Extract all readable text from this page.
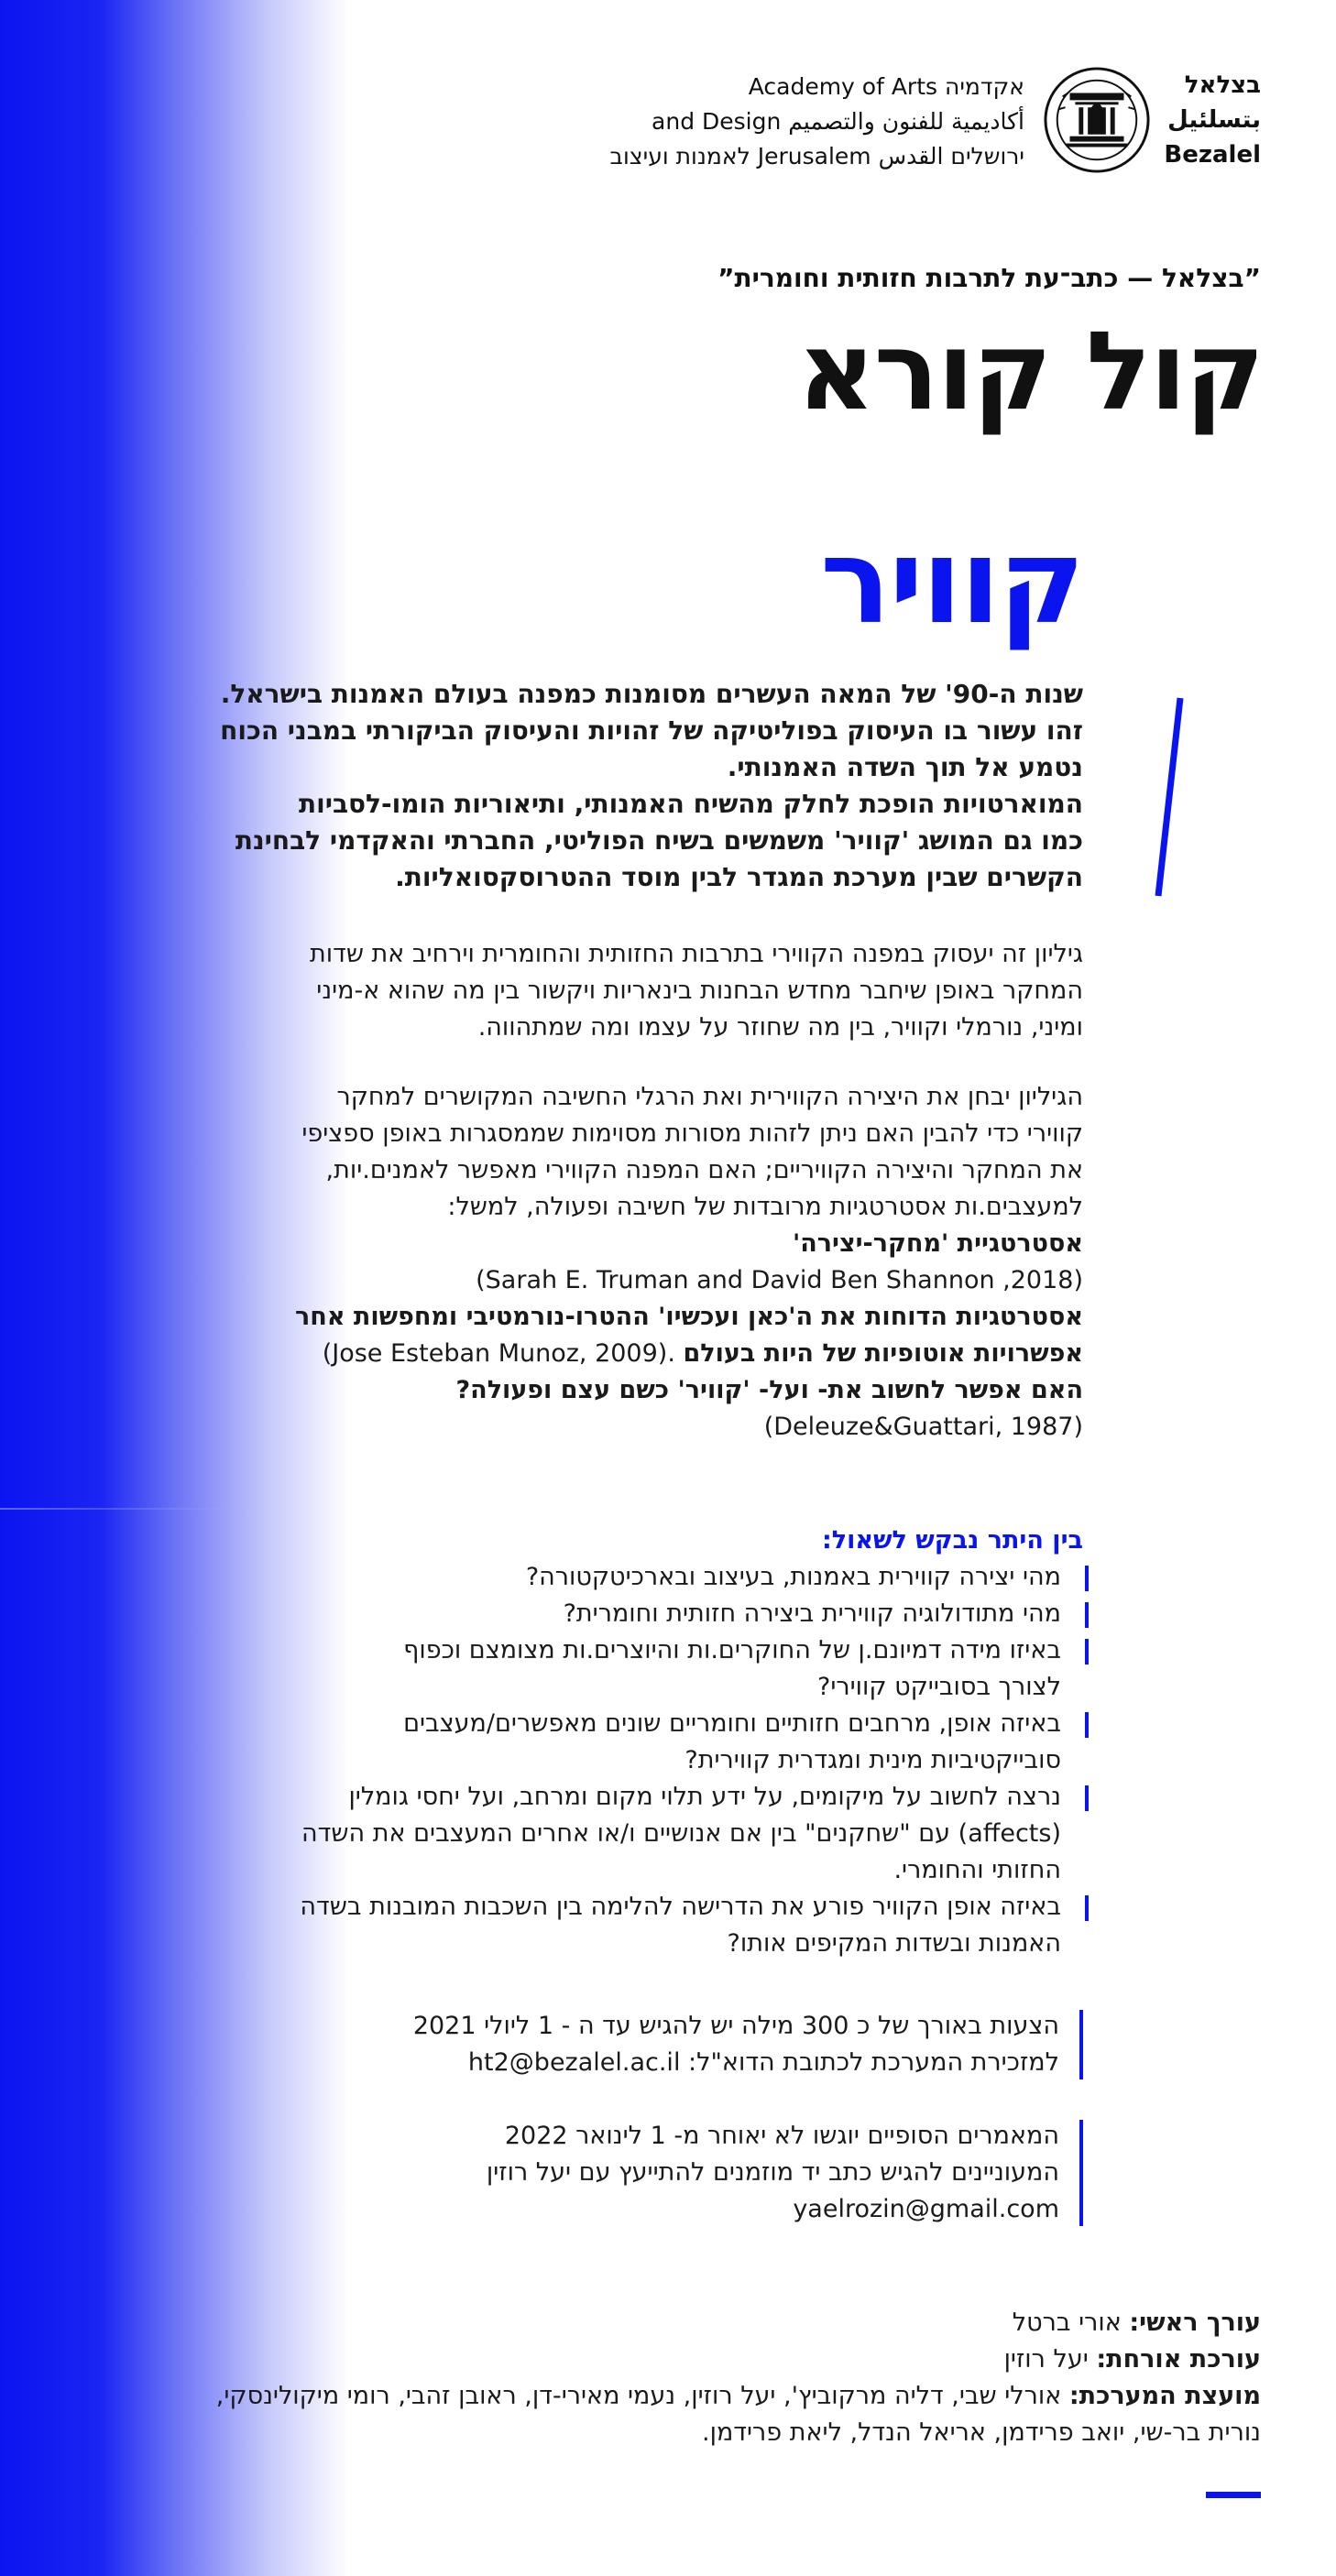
בצלאל
بتسلئيل
Bezalel
Academy of Arts אקדמיה
and Design أكاديمية للفنون والتصميم
לאמנות ועיצוב Jerusalem ירושלים القدس
”בצלאל — כתב־עת לתרבות חזותית וחומרית”
קול קורא
קוויר
שנות ה-90' של המאה העשרים מסומנות כמפנה בעולם האמנות בישראל.
זהו עשור בו העיסוק בפוליטיקה של זהויות והעיסוק הביקורתי במבני הכוח
נטמע אל תוך השדה האמנותי.
המוארטויות הופכת לחלק מהשיח האמנותי, ותיאוריות הומו-לסביות
כמו גם המושג 'קוויר' משמשים בשיח הפוליטי, החברתי והאקדמי לבחינת
הקשרים שבין מערכת המגדר לבין מוסד ההטרוסקסואליות.
גיליון זה יעסוק במפנה הקווירי בתרבות החזותית והחומרית וירחיב את שדות
המחקר באופן שיחבר מחדש הבחנות בינאריות ויקשור בין מה שהוא א-מיני
ומיני, נורמלי וקוויר, בין מה שחוזר על עצמו ומה שמתהווה.
הגיליון יבחן את היצירה הקווירית ואת הרגלי החשיבה המקושרים למחקר
קווירי כדי להבין האם ניתן לזהות מסורות מסוימות שממסגרות באופן ספציפי
את המחקר והיצירה הקוויריים; האם המפנה הקווירי מאפשר לאמנים.יות,
למעצבים.ות אסטרטגיות מרובדות של חשיבה ופעולה, למשל:
אסטרטגיית 'מחקר-יצירה'
(Sarah E. Truman and David Ben Shannon ,2018)
אסטרטגיות הדוחות את ה'כאן ועכשיו' ההטרו-נורמטיבי ומחפשות אחר
אפשרויות אוטופיות של היות בעולם (Jose Esteban Munoz, 2009).
האם אפשר לחשוב את- ועל- 'קוויר' כשם עצם ופעולה?
(Deleuze&Guattari, 1987)
בין היתר נבקש לשאול:
מהי יצירה קווירית באמנות, בעיצוב ובארכיטקטורה?
מהי מתודולוגיה קווירית ביצירה חזותית וחומרית?
באיזו מידה דמיונם.ן של החוקרים.ות והיוצרים.ות מצומצם וכפוף
לצורך בסובייקט קווירי?
באיזה אופן, מרחבים חזותיים וחומריים שונים מאפשרים/מעצבים
סובייקטיביות מינית ומגדרית קווירית?
נרצה לחשוב על מיקומים, על ידע תלוי מקום ומרחב, ועל יחסי גומלין
(affects) עם "שחקנים" בין אם אנושיים ו/או אחרים המעצבים את השדה
החזותי והחומרי.
באיזה אופן הקוויר פורע את הדרישה להלימה בין השכבות המובנות בשדה
האמנות ובשדות המקיפים אותו?
הצעות באורך של כ 300 מילה יש להגיש עד ה - 1 ליולי 2021
למזכירת המערכת לכתובת הדוא"ל: ht2@bezalel.ac.il
המאמרים הסופיים יוגשו לא יאוחר מ- 1 לינואר 2022
המעוניינים להגיש כתב יד מוזמנים להתייעץ עם יעל רוזין
yaelrozin@gmail.com
עורך ראשי: אורי ברטל
עורכת אורחת: יעל רוזין
מועצת המערכת: אורלי שבי, דליה מרקוביץ', יעל רוזין, נעמי מאירי-דן, ראובן זהבי, רומי מיקולינסקי,
נורית בר-שי, יואב פרידמן, אריאל הנדל, ליאת פרידמן.
